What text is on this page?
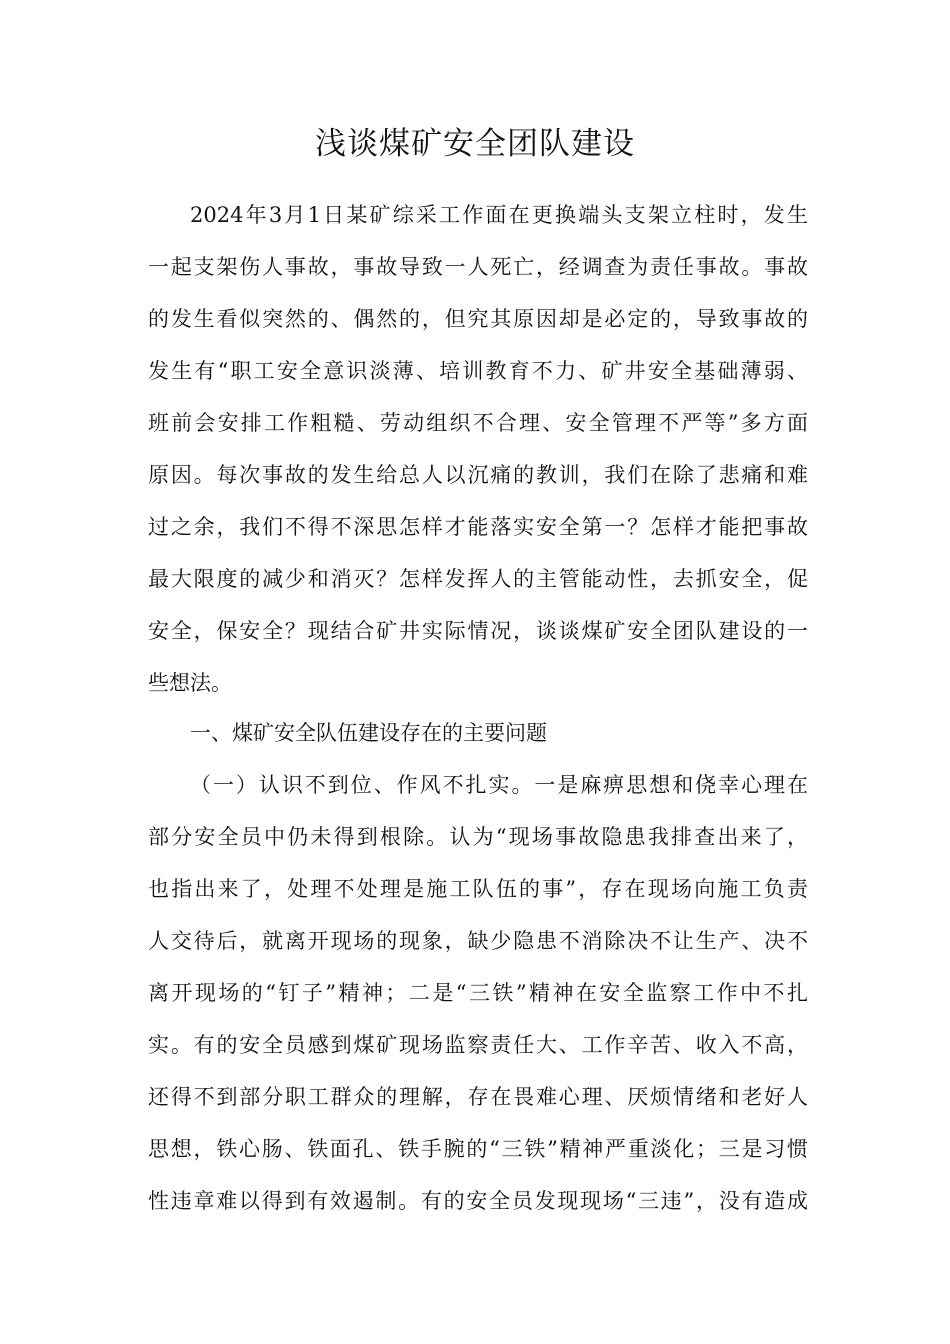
浅谈煤矿安全团队建设

2024年3月1日某矿综采工作面在更换端头支架立柱时，发生

一起支架伤人事故，事故导致一人死亡，经调查为责任事故。事故

的发生看似突然的、偶然的，但究其原因却是必定的，导致事故的

发生有“职工安全意识淡薄、培训教育不力、矿井安全基础薄弱、

班前会安排工作粗糙、劳动组织不合理、安全管理不严等”多方面

原因。每次事故的发生给总人以沉痛的教训，我们在除了悲痛和难

过之余，我们不得不深思怎样才能落实安全第一？怎样才能把事故

最大限度的减少和消灭？怎样发挥人的主管能动性，去抓安全，促

安全，保安全？现结合矿井实际情况，谈谈煤矿安全团队建设的一

些想法。

一、煤矿安全队伍建设存在的主要问题

（一）认识不到位、作风不扎实。一是麻痹思想和侥幸心理在

部分安全员中仍未得到根除。认为“现场事故隐患我排查出来了，

也指出来了，处理不处理是施工队伍的事”，存在现场向施工负责

人交待后，就离开现场的现象，缺少隐患不消除决不让生产、决不

离开现场的“钉子”精神；二是“三铁”精神在安全监察工作中不扎

实。有的安全员感到煤矿现场监察责任大、工作辛苦、收入不高，

还得不到部分职工群众的理解，存在畏难心理、厌烦情绪和老好人

思想，铁心肠、铁面孔、铁手腕的“三铁”精神严重淡化；三是习惯

性违章难以得到有效遏制。有的安全员发现现场“三违”，没有造成
